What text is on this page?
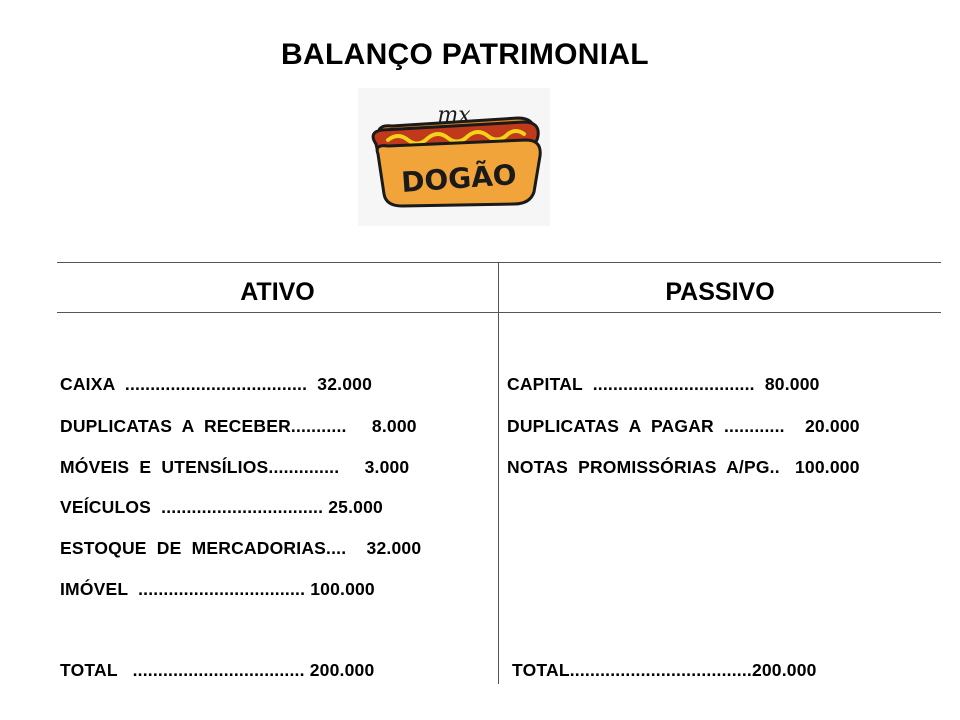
BALANÇO PATRIMONIAL
mx
DOGÃO
ATIVO	PASSIVO
CAIXA  ....................................  32.000
DUPLICATAS  A  RECEBER...........     8.000
MÓVEIS  E  UTENSÍLIOS..............     3.000
VEÍCULOS  ................................ 25.000
ESTOQUE  DE  MERCADORIAS....    32.000
IMÓVEL  ................................. 100.000
TOTAL   .................................. 200.000
CAPITAL  ................................  80.000
DUPLICATAS  A  PAGAR  ............    20.000
NOTAS  PROMISSÓRIAS  A/PG..   100.000
TOTAL....................................200.000
